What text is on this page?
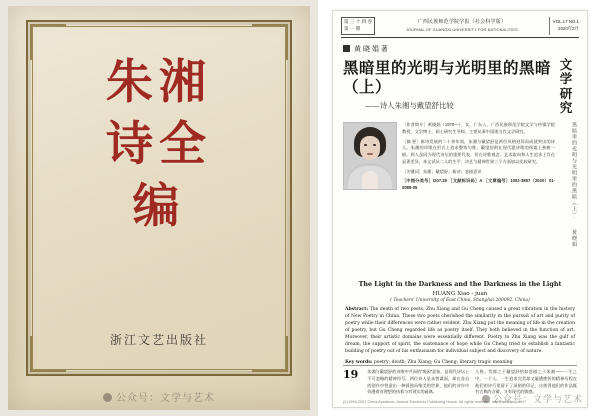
朱湘
诗全
编
浙江文艺出版社
公众号：文学与艺术
第 三 十 四 卷
第 一 期
广西民族师范学院学报（社会科学版）
JOURNAL OF GUANGXI UNIVERSITY FOR NATIONALITIES
VOL.17 NO.1
2020年2月
黄 晓 娟 著
黑暗里的光明与光明里的黑暗（上）
——诗人朱湘与戴望舒比较
文
学
研
究

［作者简介］黄晓娟（1970—），女，广东人，广西民族师范学院文学与传媒学院教授，文学博士，硕士研究生导师，主要从事中国现当代文学研究。

［摘 要］新诗发展的二十余年间，朱湘与戴望舒是两位风格迥异而成就突出的诗人。朱湘的诗歌在形式上追求整饬匀称，戴望舒则在现代派诗歌的探索上独树一帜。两人虽同为现代诗坛的重要代表，但在诗歌观念、艺术取向和人生追求上存在显著差异，本文试从二人的生平、诗艺与精神世界三个方面加以比较研究。

［关键词］朱湘；戴望舒；新诗；悲剧意识

［中图分类号］I207.25 ［文献标识码］A ［文章编号］1002-3887（2020）01-0088-05	黑暗里的光明与光明里的黑暗（上）· 黄晓娟
The Light in the Darkness and the Darkness in the Light
HUANG Xiao - juan
( Teachers' University of East China, Shanghai 200092, China)
Abstract: The death of two poets, Zhu Xiang and Gu Cheng caused a great vibration in the history of New Poetry in China. These two poets cherished the similarity in the pursuit of art and purity of poetry while their differences were rather evident. Zhu Xiang put the meaning of life in the creation of poetry, but Gu Cheng regarded life as poetry itself. They both believed in the function of art. Moreover, their artistic domains were essentially different. Poetry to Zhu Xiang was the gulf of dream, the support of spirit, the sustenance of hope while Gu Cheng tried to establish a fantastic building of poetry out of his enthusiasm for individual subject and discovery of nature.
Key words: poetry; death; Zhu Xiang; Gu Cheng; literary tragic meaning
19	朱湘与戴望舒的诗歌中共同的“废园”意象，是现代诗坛上不可忽略的精神符号。两位诗人虽未曾谋面，却在各自的创作中营造出一种孤独而唯美的世界，他们的诗作中弥漫着对理想的执着与对现实的疏离。

人格。忧郁之于戴望舒恰如悲剧之于朱湘——一生之中，一个人。一生追求完美却又屡遭挫折的精神历程在他们的诗行里留下了深刻的印记，这使得他们的作品既有古典的含蓄，又有现代的敏感。

(C)1994-2021 China Academic Journal Electronic Publishing House. All rights reserved. http://www.cnki.net
公众号：文学与艺术
